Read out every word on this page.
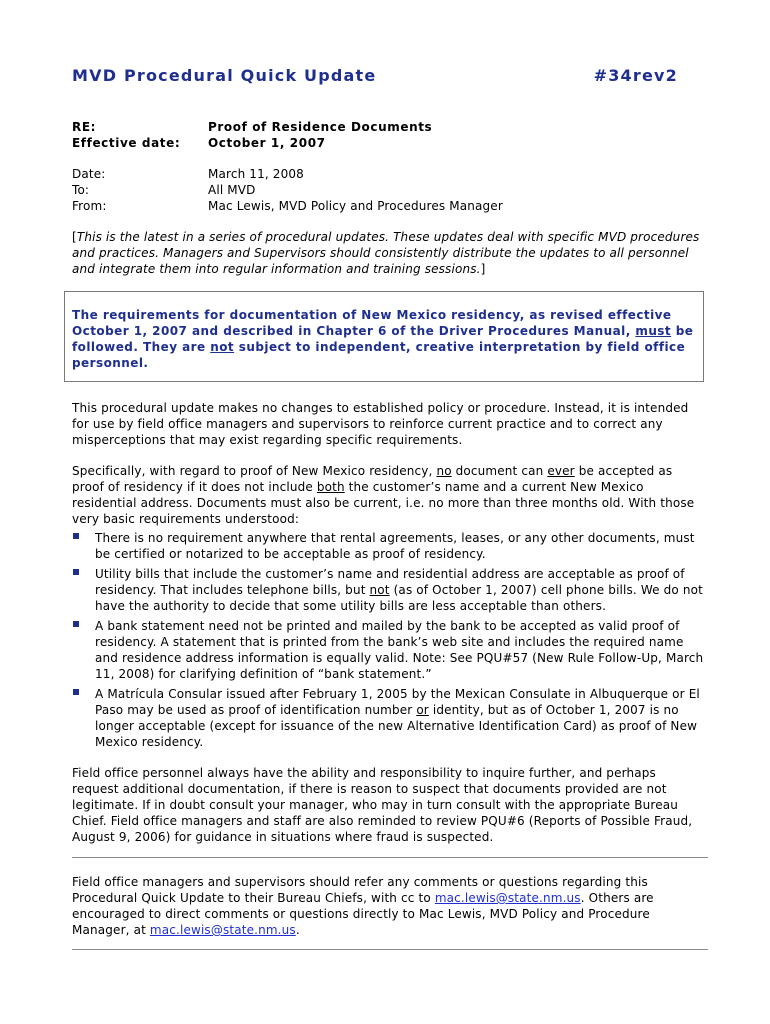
MVD Procedural Quick Update	#34rev2
RE:	Proof of Residence Documents
Effective date: October 1, 2007
Date:	March 11, 2008
To:	All MVD
From:	Mac Lewis, MVD Policy and Procedures Manager
[This is the latest in a series of procedural updates. These updates deal with specific MVD procedures and practices. Managers and Supervisors should consistently distribute the updates to all personnel and integrate them into regular information and training sessions.]
The requirements for documentation of New Mexico residency, as revised effective October 1, 2007 and described in Chapter 6 of the Driver Procedures Manual, must be followed. They are not subject to independent, creative interpretation by field office personnel.
This procedural update makes no changes to established policy or procedure. Instead, it is intended for use by field office managers and supervisors to reinforce current practice and to correct any misperceptions that may exist regarding specific requirements.
Specifically, with regard to proof of New Mexico residency, no document can ever be accepted as proof of residency if it does not include both the customer’s name and a current New Mexico residential address. Documents must also be current, i.e. no more than three months old. With those very basic requirements understood:
There is no requirement anywhere that rental agreements, leases, or any other documents, must be certified or notarized to be acceptable as proof of residency.
Utility bills that include the customer’s name and residential address are acceptable as proof of residency. That includes telephone bills, but not (as of October 1, 2007) cell phone bills. We do not have the authority to decide that some utility bills are less acceptable than others.
A bank statement need not be printed and mailed by the bank to be accepted as valid proof of residency. A statement that is printed from the bank’s web site and includes the required name and residence address information is equally valid. Note: See PQU#57 (New Rule Follow-Up, March 11, 2008) for clarifying definition of “bank statement.”
A Matrícula Consular issued after February 1, 2005 by the Mexican Consulate in Albuquerque or El Paso may be used as proof of identification number or identity, but as of October 1, 2007 is no longer acceptable (except for issuance of the new Alternative Identification Card) as proof of New Mexico residency.
Field office personnel always have the ability and responsibility to inquire further, and perhaps request additional documentation, if there is reason to suspect that documents provided are not legitimate. If in doubt consult your manager, who may in turn consult with the appropriate Bureau Chief. Field office managers and staff are also reminded to review PQU#6 (Reports of Possible Fraud, August 9, 2006) for guidance in situations where fraud is suspected.
Field office managers and supervisors should refer any comments or questions regarding this Procedural Quick Update to their Bureau Chiefs, with cc to mac.lewis@state.nm.us. Others are encouraged to direct comments or questions directly to Mac Lewis, MVD Policy and Procedure Manager, at mac.lewis@state.nm.us.
